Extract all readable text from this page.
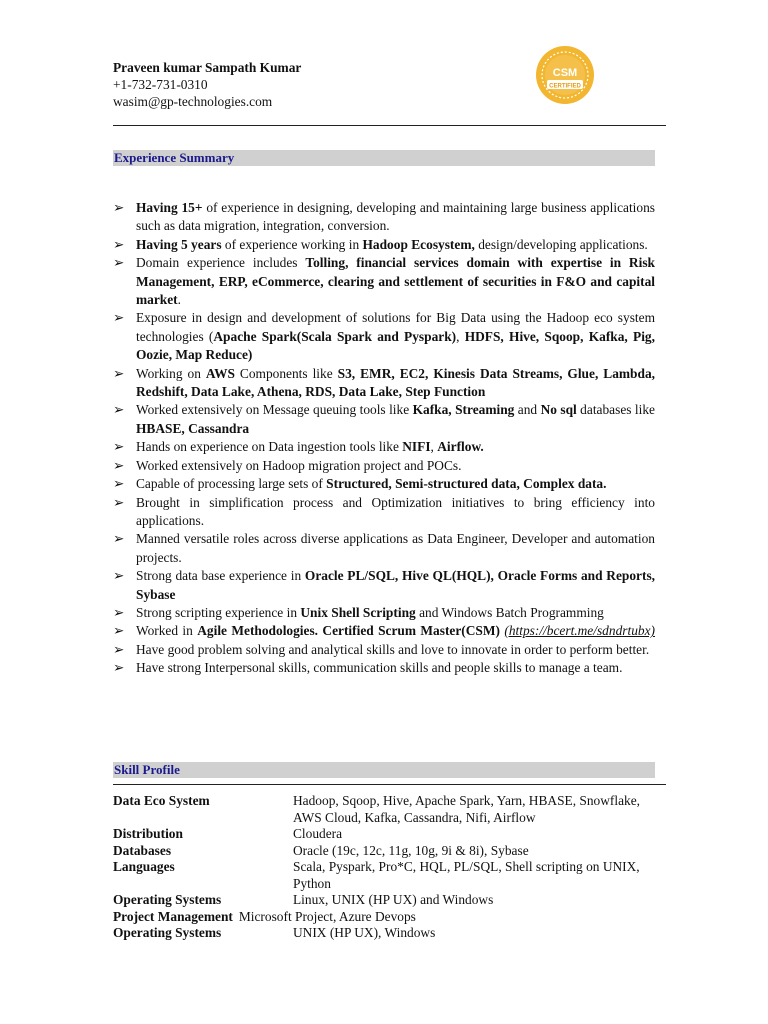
Praveen kumar Sampath Kumar
+1-732-731-0310
wasim@gp-technologies.com
CSM
CERTIFIED
Experience Summary
➢ Having 15+ of experience in designing, developing and maintaining large business applications such as data migration, integration, conversion.
➢ Having 5 years of experience working in Hadoop Ecosystem, design/developing applications.
➢ Domain experience includes Tolling, financial services domain with expertise in Risk Management, ERP, eCommerce, clearing and settlement of securities in F&O and capital market.
➢ Exposure in design and development of solutions for Big Data using the Hadoop eco system technologies (Apache Spark(Scala Spark and Pyspark), HDFS, Hive, Sqoop, Kafka, Pig, Oozie, Map Reduce)
➢ Working on AWS Components like S3, EMR, EC2, Kinesis Data Streams, Glue, Lambda, Redshift, Data Lake, Athena, RDS, Data Lake, Step Function
➢ Worked extensively on Message queuing tools like Kafka, Streaming and No sql databases like HBASE, Cassandra
➢ Hands on experience on Data ingestion tools like NIFI, Airflow.
➢ Worked extensively on Hadoop migration project and POCs.
➢ Capable of processing large sets of Structured, Semi-structured data, Complex data.
➢ Brought in simplification process and Optimization initiatives to bring efficiency into applications.
➢ Manned versatile roles across diverse applications as Data Engineer, Developer and automation projects.
➢ Strong data base experience in Oracle PL/SQL, Hive QL(HQL), Oracle Forms and Reports, Sybase
➢ Strong scripting experience in Unix Shell Scripting and Windows Batch Programming
➢ Worked in Agile Methodologies. Certified Scrum Master(CSM) (https://bcert.me/sdndrtubx)
➢ Have good problem solving and analytical skills and love to innovate in order to perform better.
➢ Have strong Interpersonal skills, communication skills and people skills to manage a team.
Skill Profile
Data Eco System	Hadoop, Sqoop, Hive, Apache Spark, Yarn, HBASE, Snowflake, AWS Cloud, Kafka, Cassandra, Nifi, Airflow
Distribution	Cloudera
Databases	Oracle (19c, 12c, 11g, 10g, 9i & 8i), Sybase
Languages	Scala, Pyspark, Pro*C, HQL, PL/SQL, Shell scripting on UNIX, Python
Operating Systems	Linux, UNIX (HP UX) and Windows
Project Management Microsoft Project, Azure Devops
Operating Systems	UNIX (HP UX), Windows
